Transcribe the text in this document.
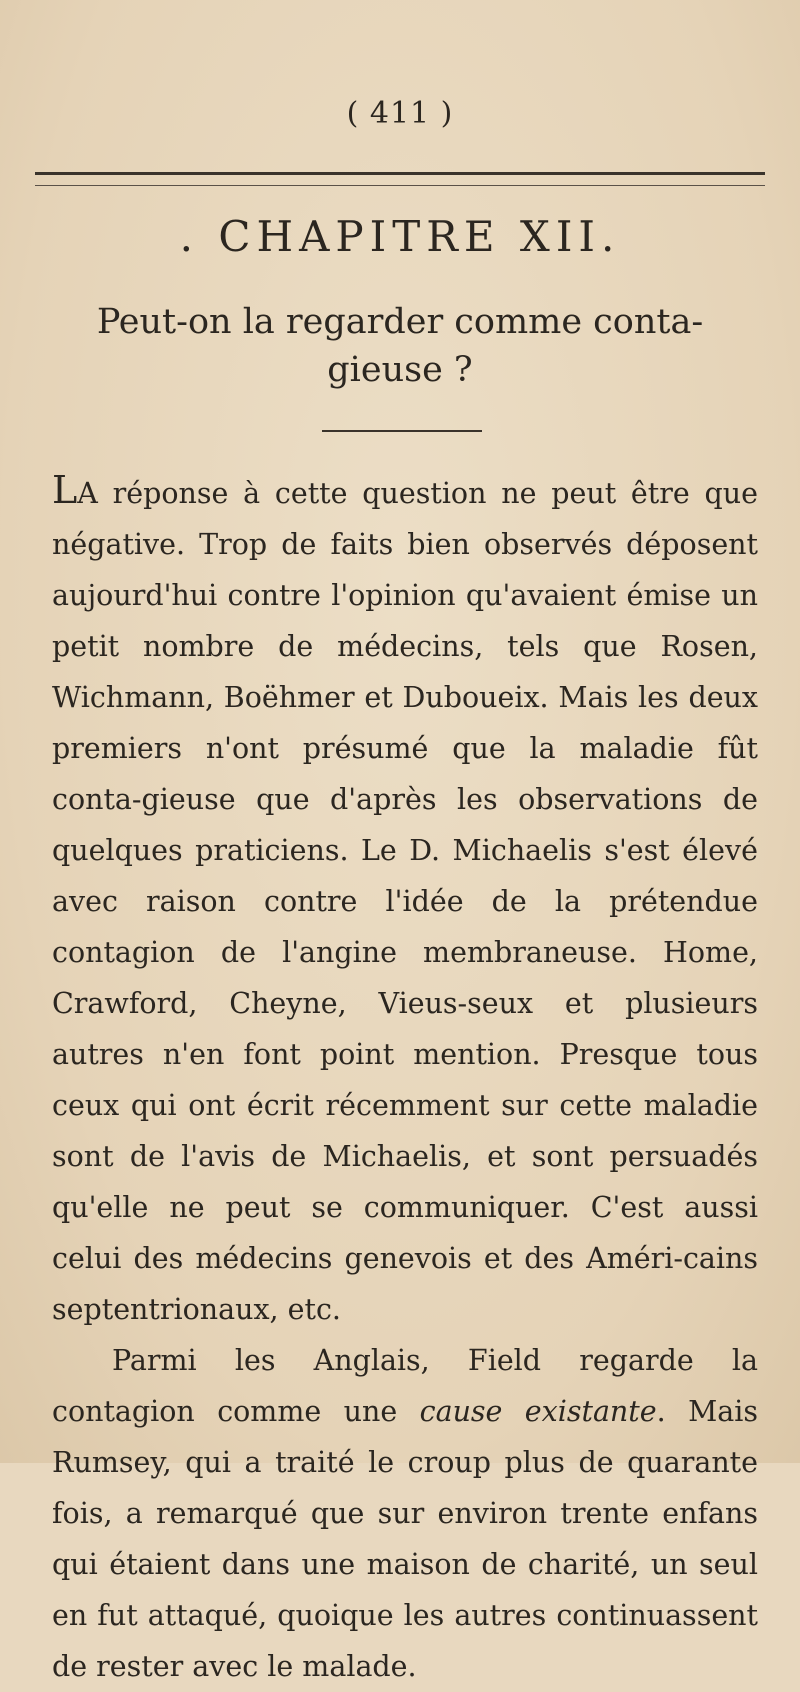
( 411 )
. CHAPITRE XII.
Peut-on la regarder comme conta-gieuse ?

LA réponse à cette question ne peut être que négative. Trop de faits bien observés déposent aujourd'hui contre l'opinion qu'avaient émise un petit nombre de médecins, tels que Rosen, Wichmann, Boëhmer et Duboueix. Mais les deux premiers n'ont présumé que la maladie fût conta-gieuse que d'après les observations de quelques praticiens. Le D. Michaelis s'est élevé avec raison contre l'idée de la prétendue contagion de l'angine membraneuse. Home, Crawford, Cheyne, Vieus-seux et plusieurs autres n'en font point mention. Presque tous ceux qui ont écrit récemment sur cette maladie sont de l'avis de Michaelis, et sont persuadés qu'elle ne peut se communiquer. C'est aussi celui des médecins genevois et des Améri-cains septentrionaux, etc.

Parmi les Anglais, Field regarde la contagion comme une cause existante. Mais Rumsey, qui a traité le croup plus de quarante fois, a remarqué que sur environ trente enfans qui étaient dans une maison de charité, un seul en fut attaqué, quoique les autres continuassent de rester avec le malade.
